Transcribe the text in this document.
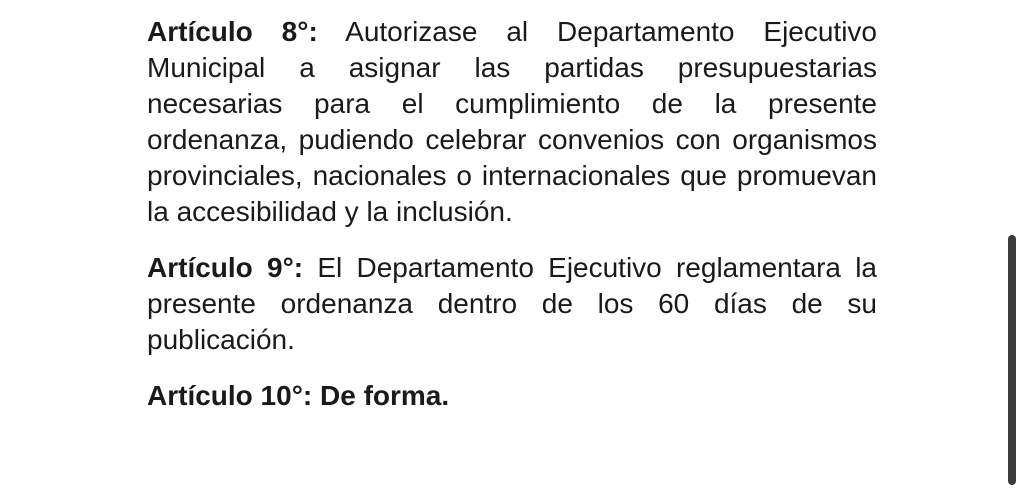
Artículo 8°: Autorizase al Departamento Ejecutivo Municipal a asignar las partidas presupuestarias necesarias para el cumplimiento de la presente ordenanza, pudiendo celebrar convenios con organismos provinciales, nacionales o internacionales que promuevan la accesibilidad y la inclusión.

Artículo 9°: El Departamento Ejecutivo reglamentara la presente ordenanza dentro de los 60 días de su publicación.

Artículo 10°: De forma.
